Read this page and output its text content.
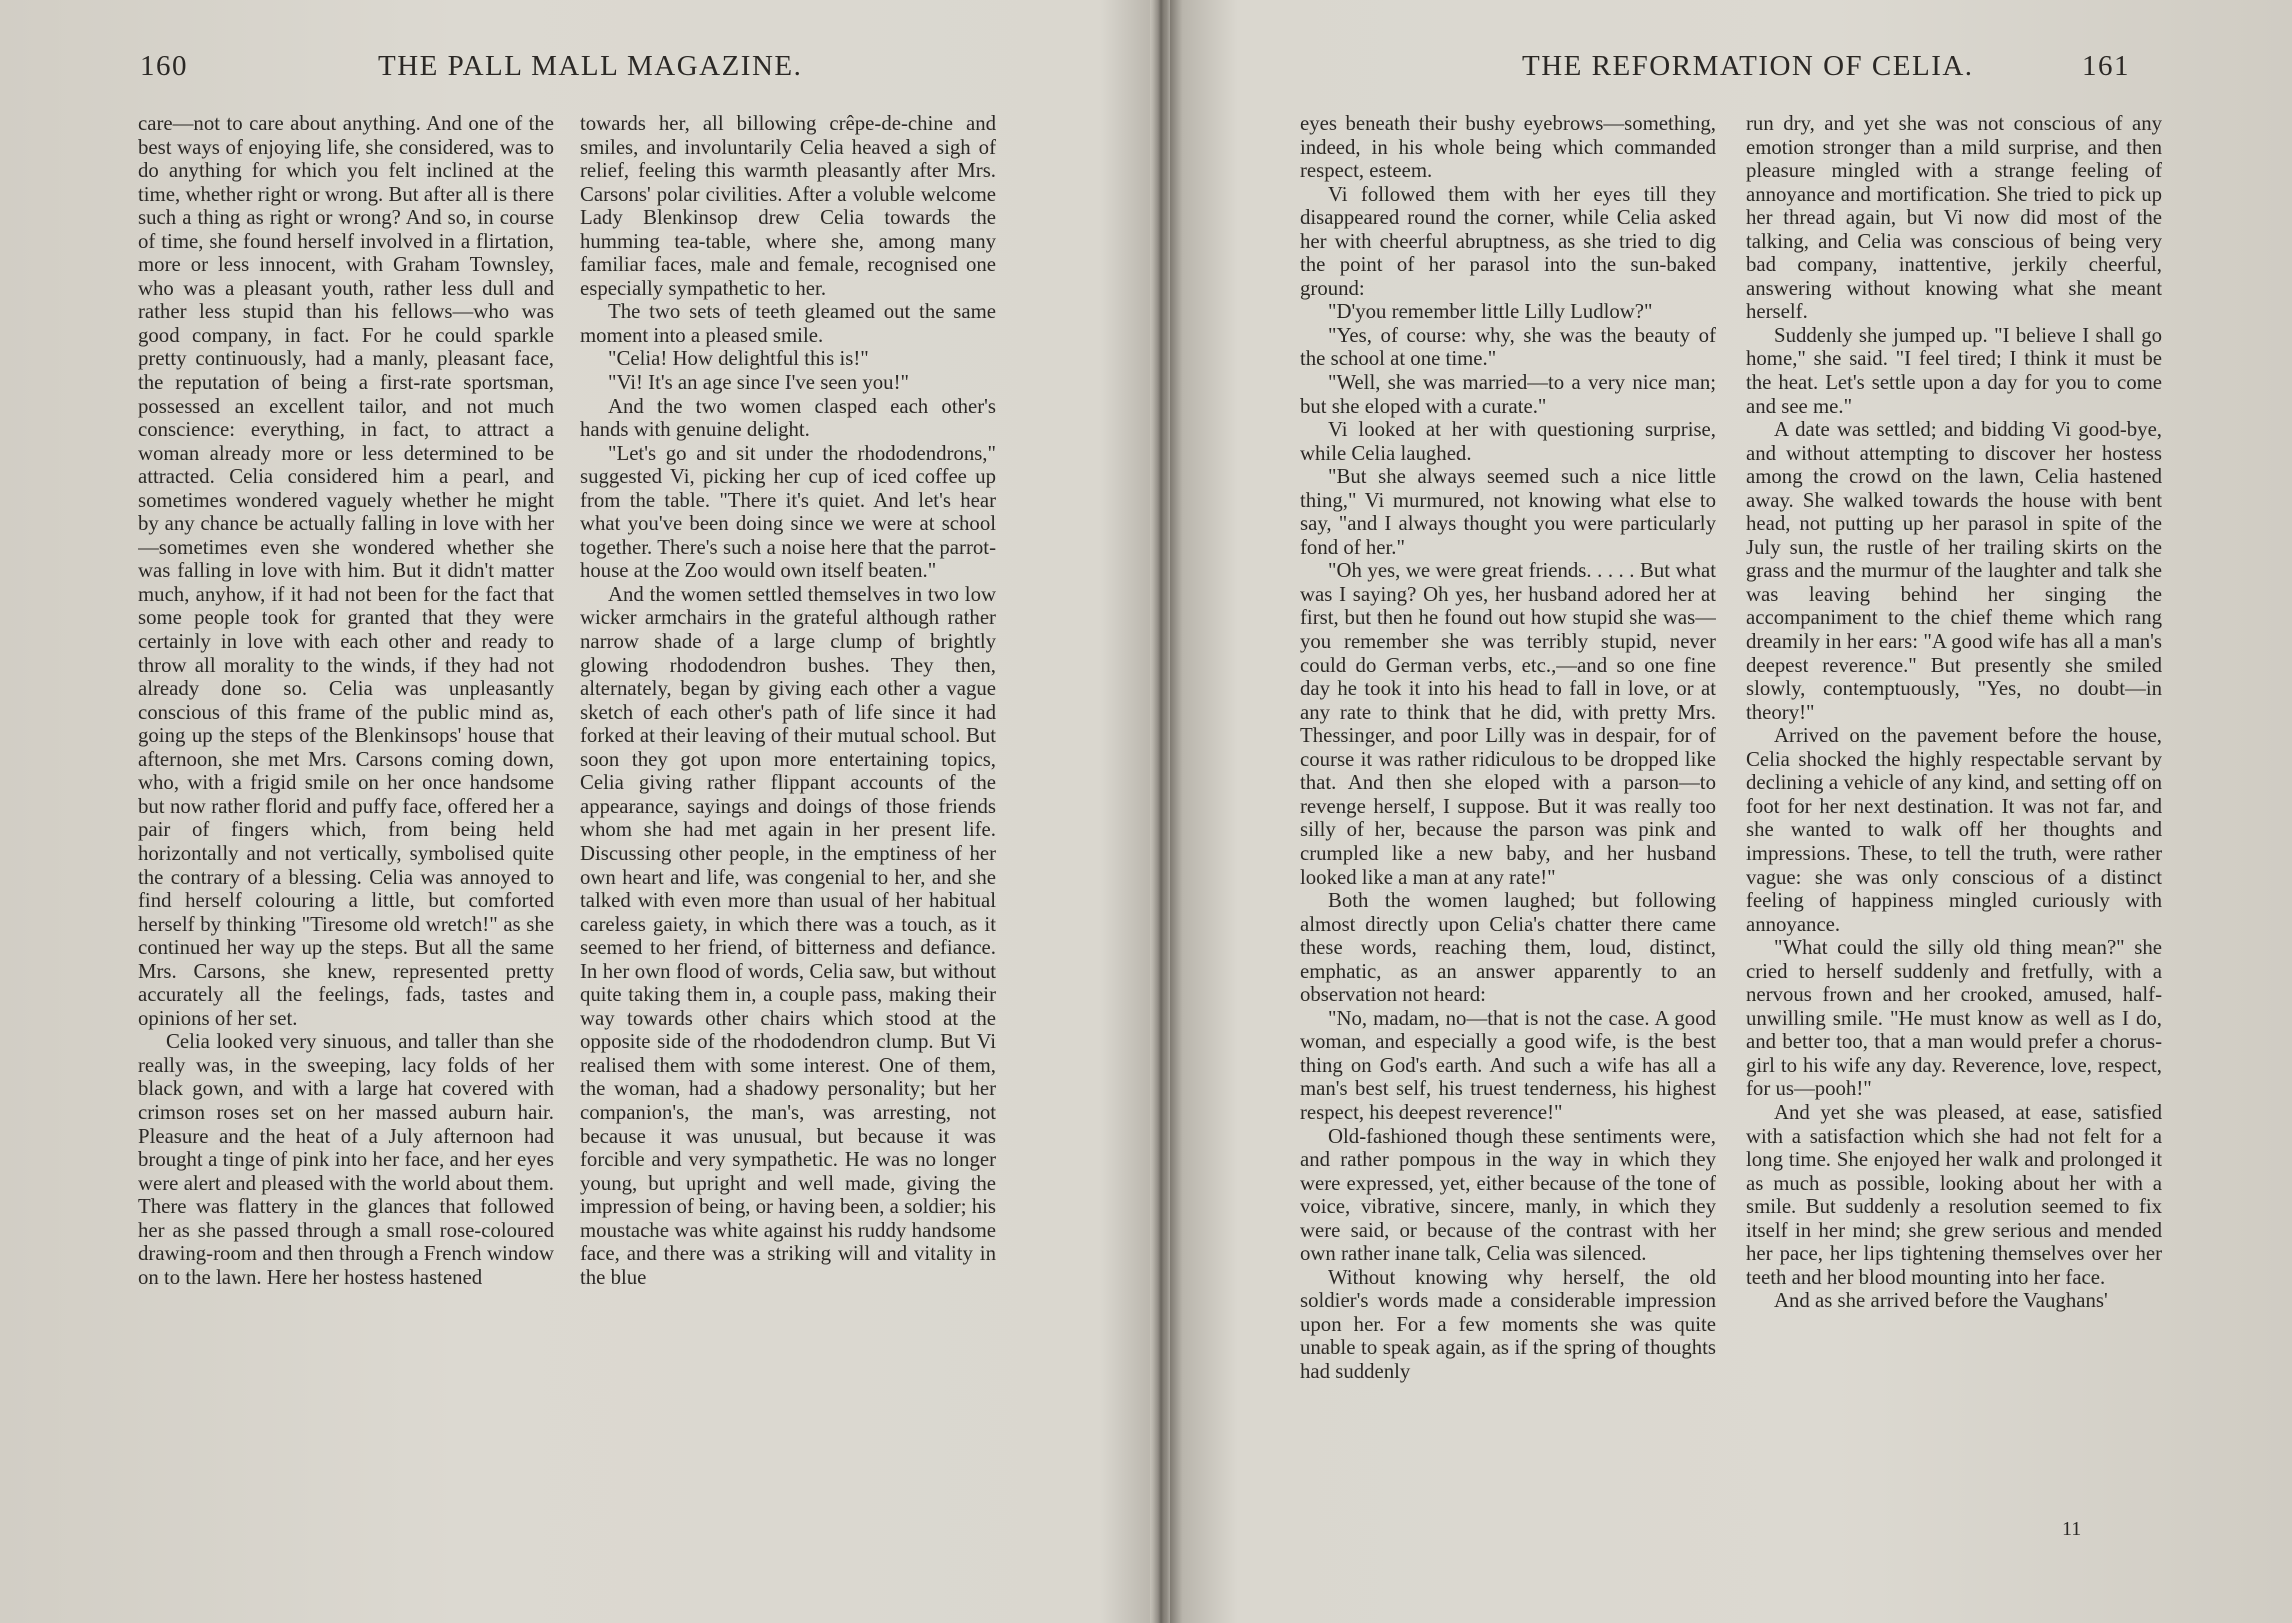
160	THE PALL MALL MAGAZINE.	THE REFORMATION OF CELIA.	161

care—not to care about anything. And one of the best ways of enjoying life, she considered, was to do anything for which you felt inclined at the time, whether right or wrong. But after all is there such a thing as right or wrong? And so, in course of time, she found herself involved in a flirtation, more or less innocent, with Graham Townsley, who was a pleasant youth, rather less dull and rather less stupid than his fellows—who was good company, in fact. For he could sparkle pretty continuously, had a manly, pleasant face, the reputation of being a first-rate sportsman, possessed an excellent tailor, and not much conscience: everything, in fact, to attract a woman already more or less determined to be attracted. Celia considered him a pearl, and sometimes wondered vaguely whether he might by any chance be actually falling in love with her—sometimes even she wondered whether she was falling in love with him. But it didn't matter much, anyhow, if it had not been for the fact that some people took for granted that they were certainly in love with each other and ready to throw all morality to the winds, if they had not already done so. Celia was unpleasantly conscious of this frame of the public mind as, going up the steps of the Blenkinsops' house that afternoon, she met Mrs. Carsons coming down, who, with a frigid smile on her once handsome but now rather florid and puffy face, offered her a pair of fingers which, from being held horizontally and not vertically, symbolised quite the contrary of a blessing. Celia was annoyed to find herself colouring a little, but comforted herself by thinking "Tiresome old wretch!" as she continued her way up the steps. But all the same Mrs. Carsons, she knew, represented pretty accurately all the feelings, fads, tastes and opinions of her set.

Celia looked very sinuous, and taller than she really was, in the sweeping, lacy folds of her black gown, and with a large hat covered with crimson roses set on her massed auburn hair. Pleasure and the heat of a July afternoon had brought a tinge of pink into her face, and her eyes were alert and pleased with the world about them. There was flattery in the glances that followed her as she passed through a small rose-coloured drawing-room and then through a French window on to the lawn. Here her hostess hastened

towards her, all billowing crêpe-de-chine and smiles, and involuntarily Celia heaved a sigh of relief, feeling this warmth pleasantly after Mrs. Carsons' polar civilities. After a voluble welcome Lady Blenkinsop drew Celia towards the humming tea-table, where she, among many familiar faces, male and female, recognised one especially sympathetic to her.

The two sets of teeth gleamed out the same moment into a pleased smile.

"Celia! How delightful this is!"

"Vi! It's an age since I've seen you!"

And the two women clasped each other's hands with genuine delight.

"Let's go and sit under the rhododendrons," suggested Vi, picking her cup of iced coffee up from the table. "There it's quiet. And let's hear what you've been doing since we were at school together. There's such a noise here that the parrot-house at the Zoo would own itself beaten."

And the women settled themselves in two low wicker armchairs in the grateful although rather narrow shade of a large clump of brightly glowing rhododendron bushes. They then, alternately, began by giving each other a vague sketch of each other's path of life since it had forked at their leaving of their mutual school. But soon they got upon more entertaining topics, Celia giving rather flippant accounts of the appearance, sayings and doings of those friends whom she had met again in her present life. Discussing other people, in the emptiness of her own heart and life, was congenial to her, and she talked with even more than usual of her habitual careless gaiety, in which there was a touch, as it seemed to her friend, of bitterness and defiance. In her own flood of words, Celia saw, but without quite taking them in, a couple pass, making their way towards other chairs which stood at the opposite side of the rhododendron clump. But Vi realised them with some interest. One of them, the woman, had a shadowy personality; but her companion's, the man's, was arresting, not because it was unusual, but because it was forcible and very sympathetic. He was no longer young, but upright and well made, giving the impression of being, or having been, a soldier; his moustache was white against his ruddy handsome face, and there was a striking will and vitality in the blue

eyes beneath their bushy eyebrows—something, indeed, in his whole being which commanded respect, esteem.

Vi followed them with her eyes till they disappeared round the corner, while Celia asked her with cheerful abruptness, as she tried to dig the point of her parasol into the sun-baked ground:

"D'you remember little Lilly Ludlow?"

"Yes, of course: why, she was the beauty of the school at one time."

"Well, she was married—to a very nice man; but she eloped with a curate."

Vi looked at her with questioning surprise, while Celia laughed.

"But she always seemed such a nice little thing," Vi murmured, not knowing what else to say, "and I always thought you were particularly fond of her."

"Oh yes, we were great friends. . . . . But what was I saying? Oh yes, her husband adored her at first, but then he found out how stupid she was—you remember she was terribly stupid, never could do German verbs, etc.,—and so one fine day he took it into his head to fall in love, or at any rate to think that he did, with pretty Mrs. Thessinger, and poor Lilly was in despair, for of course it was rather ridiculous to be dropped like that. And then she eloped with a parson—to revenge herself, I suppose. But it was really too silly of her, because the parson was pink and crumpled like a new baby, and her husband looked like a man at any rate!"

Both the women laughed; but following almost directly upon Celia's chatter there came these words, reaching them, loud, distinct, emphatic, as an answer apparently to an observation not heard:

"No, madam, no—that is not the case. A good woman, and especially a good wife, is the best thing on God's earth. And such a wife has all a man's best self, his truest tenderness, his highest respect, his deepest reverence!"

Old-fashioned though these sentiments were, and rather pompous in the way in which they were expressed, yet, either because of the tone of voice, vibrative, sincere, manly, in which they were said, or because of the contrast with her own rather inane talk, Celia was silenced.

Without knowing why herself, the old soldier's words made a considerable impression upon her. For a few moments she was quite unable to speak again, as if the spring of thoughts had suddenly

run dry, and yet she was not conscious of any emotion stronger than a mild surprise, and then pleasure mingled with a strange feeling of annoyance and mortification. She tried to pick up her thread again, but Vi now did most of the talking, and Celia was conscious of being very bad company, inattentive, jerkily cheerful, answering without knowing what she meant herself.

Suddenly she jumped up. "I believe I shall go home," she said. "I feel tired; I think it must be the heat. Let's settle upon a day for you to come and see me."

A date was settled; and bidding Vi good-bye, and without attempting to discover her hostess among the crowd on the lawn, Celia hastened away. She walked towards the house with bent head, not putting up her parasol in spite of the July sun, the rustle of her trailing skirts on the grass and the murmur of the laughter and talk she was leaving behind her singing the accompaniment to the chief theme which rang dreamily in her ears: "A good wife has all a man's deepest reverence." But presently she smiled slowly, contemptuously, "Yes, no doubt—in theory!"

Arrived on the pavement before the house, Celia shocked the highly respectable servant by declining a vehicle of any kind, and setting off on foot for her next destination. It was not far, and she wanted to walk off her thoughts and impressions. These, to tell the truth, were rather vague: she was only conscious of a distinct feeling of happiness mingled curiously with annoyance.

"What could the silly old thing mean?" she cried to herself suddenly and fretfully, with a nervous frown and her crooked, amused, half-unwilling smile. "He must know as well as I do, and better too, that a man would prefer a chorus-girl to his wife any day. Reverence, love, respect, for us—pooh!"

And yet she was pleased, at ease, satisfied with a satisfaction which she had not felt for a long time. She enjoyed her walk and prolonged it as much as possible, looking about her with a smile. But suddenly a resolution seemed to fix itself in her mind; she grew serious and mended her pace, her lips tightening themselves over her teeth and her blood mounting into her face.

And as she arrived before the Vaughans'

11
